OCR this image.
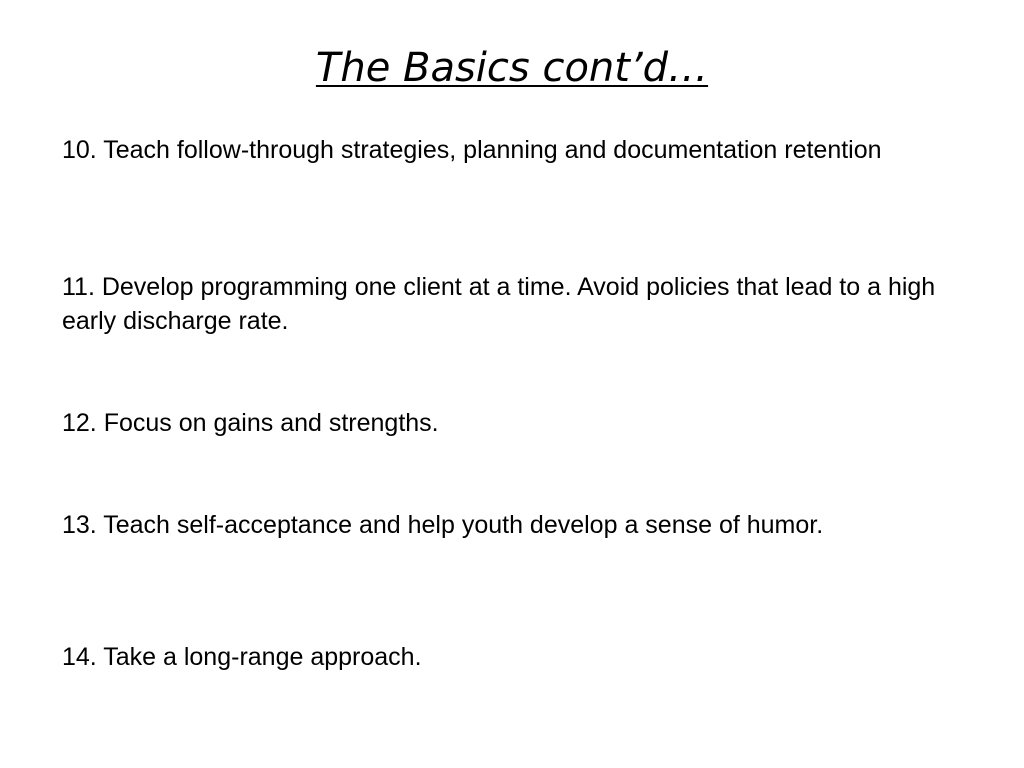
The Basics cont’d…

10. Teach follow-through strategies, planning and documentation retention

11. Develop programming one client at a time. Avoid policies that lead to a high early discharge rate.

12. Focus on gains and strengths.

13. Teach self-acceptance and help youth develop a sense of humor.

14. Take a long-range approach.
